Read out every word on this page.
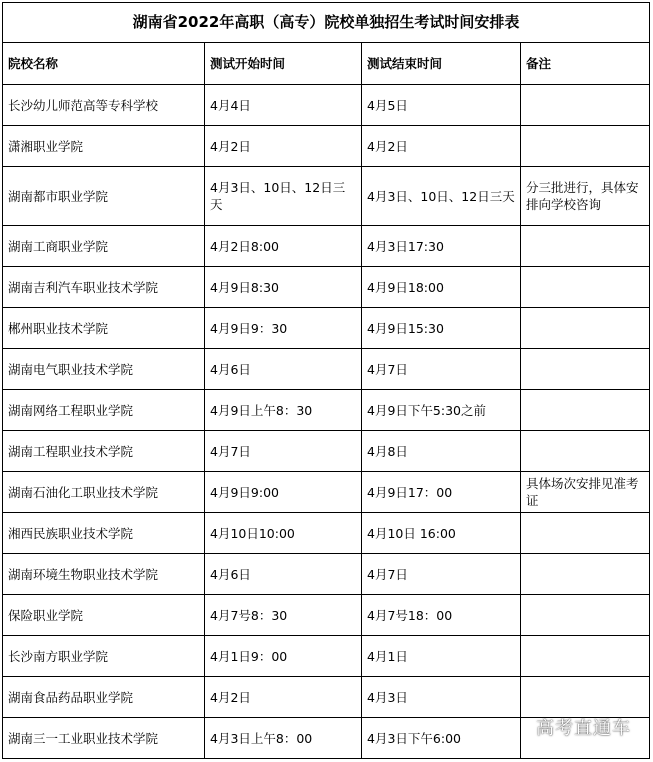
湖南省2022年高职（高专）院校单独招生考试时间安排表			
院校名称	测试开始时间	测试结束时间	备注
长沙幼儿师范高等专科学校	4月4日	4月5日	
潇湘职业学院	4月2日	4月2日	
湖南都市职业学院	4月3日、10日、12日三天	4月3日、10日、12日三天	分三批进行，具体安排向学校咨询
湖南工商职业学院	4月2日8:00	4月3日17:30	
湖南吉利汽车职业技术学院	4月9日8:30	4月9日18:00	
郴州职业技术学院	4月9日9：30	4月9日15:30	
湖南电气职业技术学院	4月6日	4月7日	
湖南网络工程职业学院	4月9日上午8：30	4月9日下午5:30之前	
湖南工程职业技术学院	4月7日	4月8日	
湖南石油化工职业技术学院	4月9日9:00	4月9日17：00	具体场次安排见准考证
湘西民族职业技术学院	4月10日10:00	4月10日 16:00	
湖南环境生物职业技术学院	4月6日	4月7日	
保险职业学院	4月7号8：30	4月7号18：00	
长沙南方职业学院	4月1日9：00	4月1日	
湖南食品药品职业学院	4月2日	4月3日	
湖南三一工业职业技术学院	4月3日上午8：00	4月3日下午6:00		高考直通车
